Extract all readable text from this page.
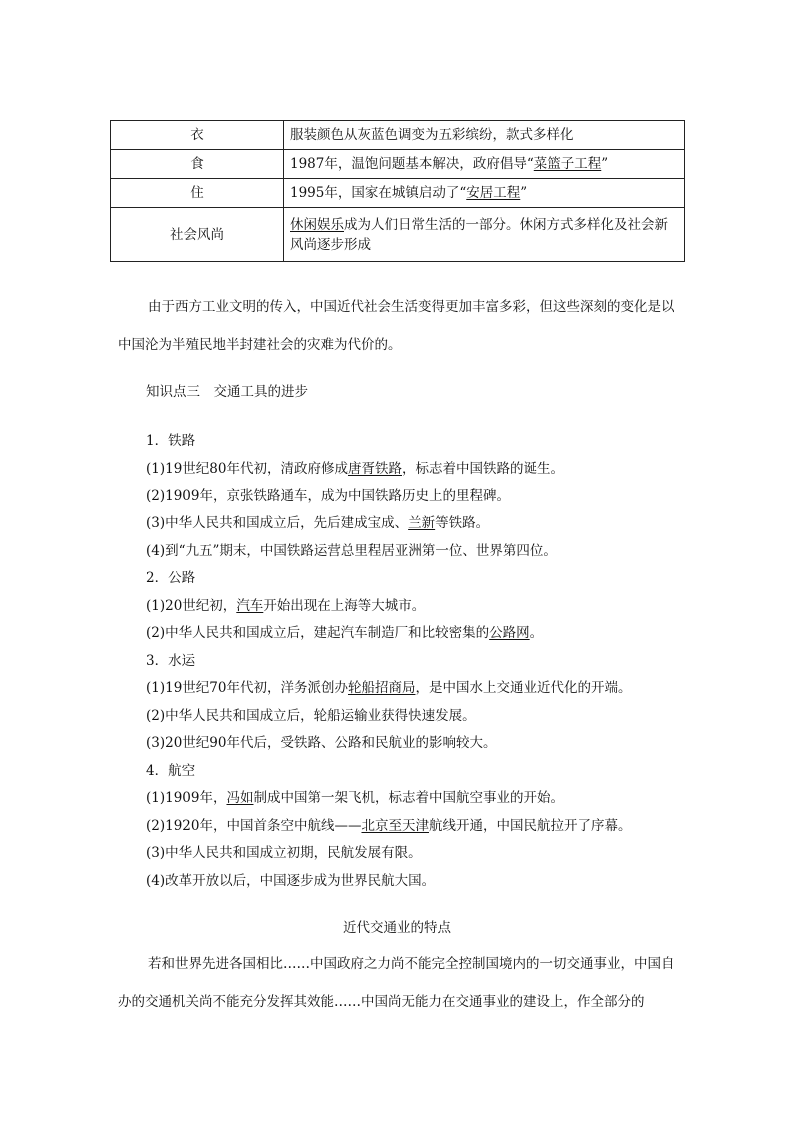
衣	服装颜色从灰蓝色调变为五彩缤纷，款式多样化
食	1987年，温饱问题基本解决，政府倡导“菜篮子工程”
住	1995年，国家在城镇启动了“安居工程”
社会风尚	休闲娱乐成为人们日常生活的一部分。休闲方式多样化及社会新风尚逐步形成
由于西方工业文明的传入，中国近代社会生活变得更加丰富多彩，但这些深刻的变化是以中国沦为半殖民地半封建社会的灾难为代价的。
知识点三　交通工具的进步
1．铁路
(1)19世纪80年代初，清政府修成唐胥铁路，标志着中国铁路的诞生。
(2)1909年，京张铁路通车，成为中国铁路历史上的里程碑。
(3)中华人民共和国成立后，先后建成宝成、兰新等铁路。
(4)到“九五”期末，中国铁路运营总里程居亚洲第一位、世界第四位。
2．公路
(1)20世纪初，汽车开始出现在上海等大城市。
(2)中华人民共和国成立后，建起汽车制造厂和比较密集的公路网。
3．水运
(1)19世纪70年代初，洋务派创办轮船招商局，是中国水上交通业近代化的开端。
(2)中华人民共和国成立后，轮船运输业获得快速发展。
(3)20世纪90年代后，受铁路、公路和民航业的影响较大。
4．航空
(1)1909年，冯如制成中国第一架飞机，标志着中国航空事业的开始。
(2)1920年，中国首条空中航线——北京至天津航线开通，中国民航拉开了序幕。
(3)中华人民共和国成立初期，民航发展有限。
(4)改革开放以后，中国逐步成为世界民航大国。
近代交通业的特点
若和世界先进各国相比……中国政府之力尚不能完全控制国境内的一切交通事业，中国自办的交通机关尚不能充分发挥其效能……中国尚无能力在交通事业的建设上，作全部分的
